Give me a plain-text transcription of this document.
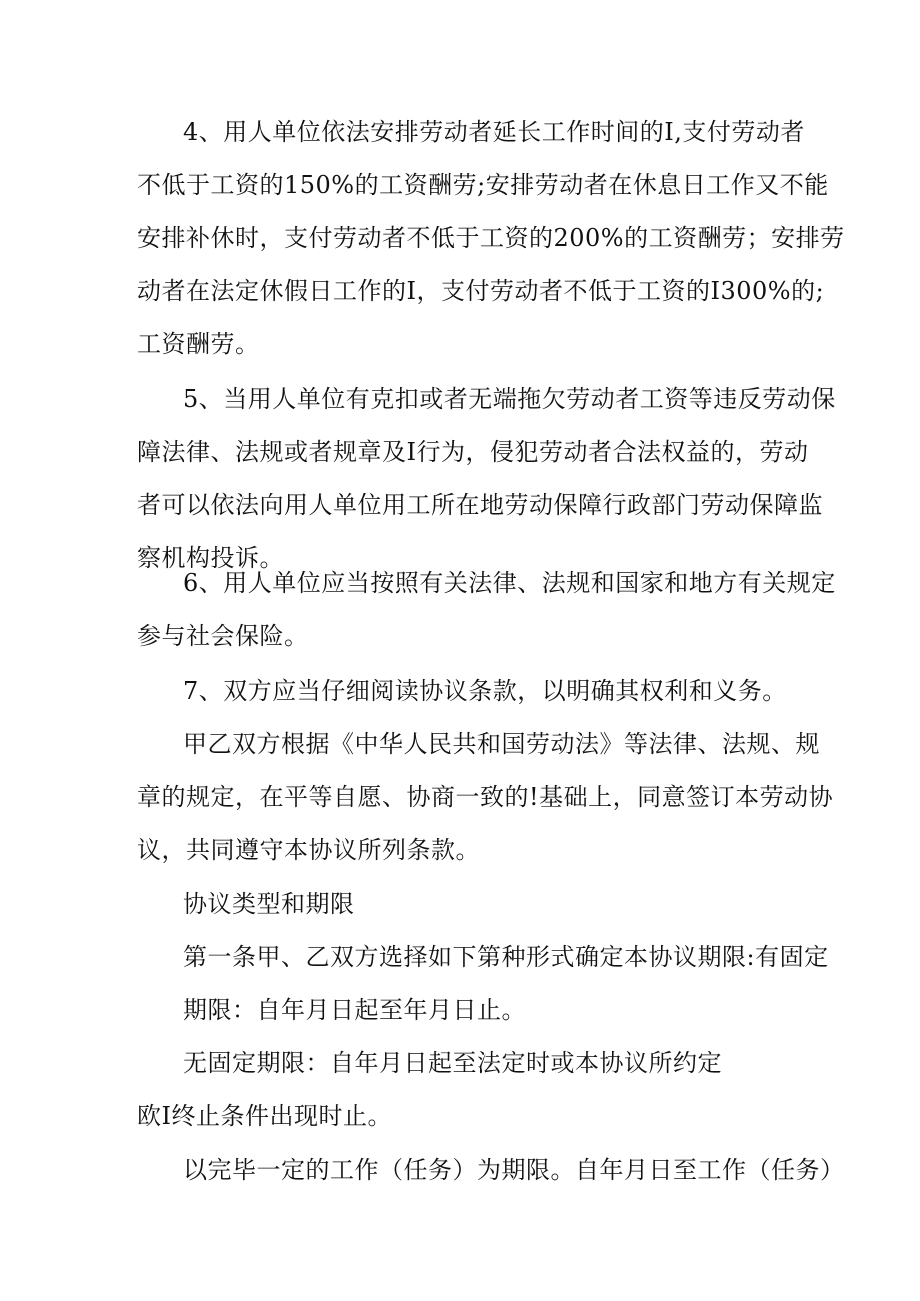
4、用人单位依法安排劳动者延长工作时间的I,支付劳动者
不低于工资的150%的工资酬劳;安排劳动者在休息日工作又不能
安排补休时，支付劳动者不低于工资的200%的工资酬劳；安排劳
动者在法定休假日工作的I，支付劳动者不低于工资的I300%的;
工资酬劳。
5、当用人单位有克扣或者无端拖欠劳动者工资等违反劳动保
障法律、法规或者规章及I行为，侵犯劳动者合法权益的，劳动
者可以依法向用人单位用工所在地劳动保障行政部门劳动保障监
察机构投诉。
6、用人单位应当按照有关法律、法规和国家和地方有关规定
参与社会保险。
7、双方应当仔细阅读协议条款，以明确其权利和义务。
甲乙双方根据《中华人民共和国劳动法》等法律、法规、规
章的规定，在平等自愿、协商一致的!基础上，同意签订本劳动协
议，共同遵守本协议所列条款。
协议类型和期限
第一条甲、乙双方选择如下第种形式确定本协议期限:有固定
期限：自年月日起至年月日止。
无固定期限：自年月日起至法定时或本协议所约定
欧I终止条件出现时止。
以完毕一定的工作（任务）为期限。自年月日至工作（任务）
